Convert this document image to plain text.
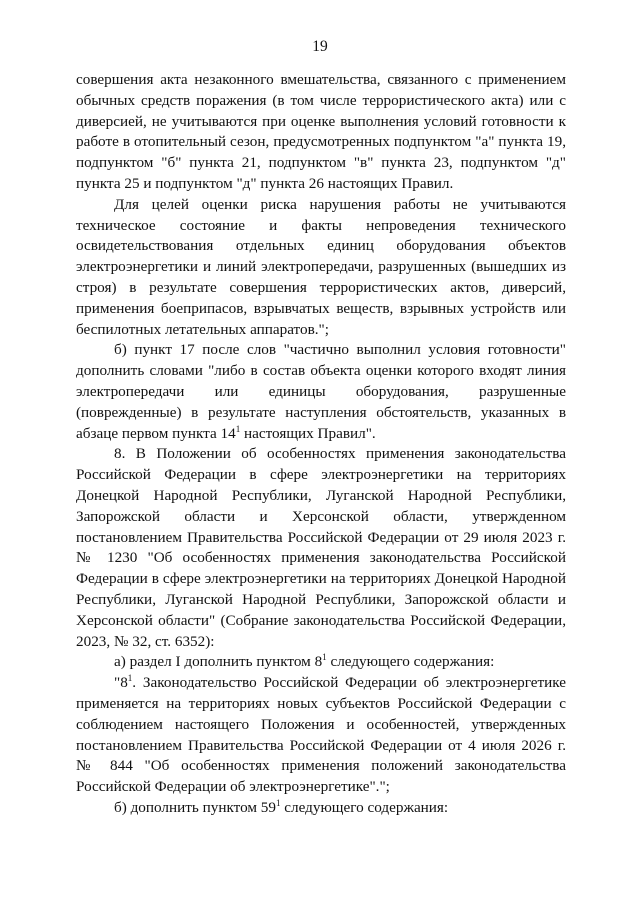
19

совершения акта незаконного вмешательства, связанного с применением обычных средств поражения (в том числе террористического акта) или с диверсией, не учитываются при оценке выполнения условий готовности к работе в отопительный сезон, предусмотренных подпунктом "а" пункта 19, подпунктом "б" пункта 21, подпунктом "в" пункта 23, подпунктом "д" пункта 25 и подпунктом "д" пункта 26 настоящих Правил.

Для целей оценки риска нарушения работы не учитываются техническое состояние и факты непроведения технического освидетельствования отдельных единиц оборудования объектов электроэнергетики и линий электропередачи, разрушенных (вышедших из строя) в результате совершения террористических актов, диверсий, применения боеприпасов, взрывчатых веществ, взрывных устройств или беспилотных летательных аппаратов.";

б) пункт 17 после слов "частично выполнил условия готовности" дополнить словами "либо в состав объекта оценки которого входят линия электропередачи или единицы оборудования, разрушенные (поврежденные) в результате наступления обстоятельств, указанных в абзаце первом пункта $14^1$ настоящих Правил".

8. В Положении об особенностях применения законодательства Российской Федерации в сфере электроэнергетики на территориях Донецкой Народной Республики, Луганской Народной Республики, Запорожской области и Херсонской области, утвержденном постановлением Правительства Российской Федерации от 29 июля 2023 г. № 1230 "Об особенностях применения законодательства Российской Федерации в сфере электроэнергетики на территориях Донецкой Народной Республики, Луганской Народной Республики, Запорожской области и Херсонской области" (Собрание законодательства Российской Федерации, 2023, № 32, ст. 6352):

а) раздел I дополнить пунктом $8^1$ следующего содержания:

"$8^1$. Законодательство Российской Федерации об электроэнергетике применяется на территориях новых субъектов Российской Федерации с соблюдением настоящего Положения и особенностей, утвержденных постановлением Правительства Российской Федерации от 4 июля 2026 г. № 844 "Об особенностях применения положений законодательства Российской Федерации об электроэнергетике".";

б) дополнить пунктом $59^1$ следующего содержания:
